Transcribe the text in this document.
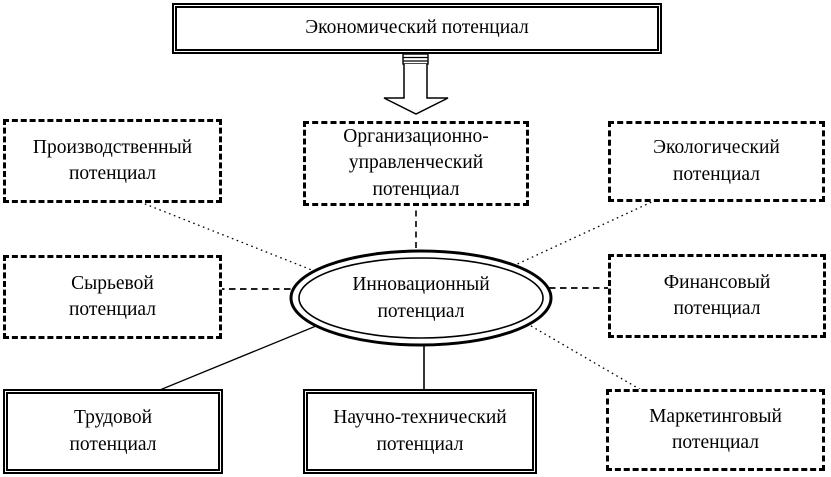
Экономический потенциал
Производственный потенциал
Организационно-управленческий потенциал
Экологический потенциал
Сырьевой потенциал
Инновационный потенциал
Финансовый потенциал
Трудовой потенциал
Научно-технический потенциал
Маркетинговый потенциал
